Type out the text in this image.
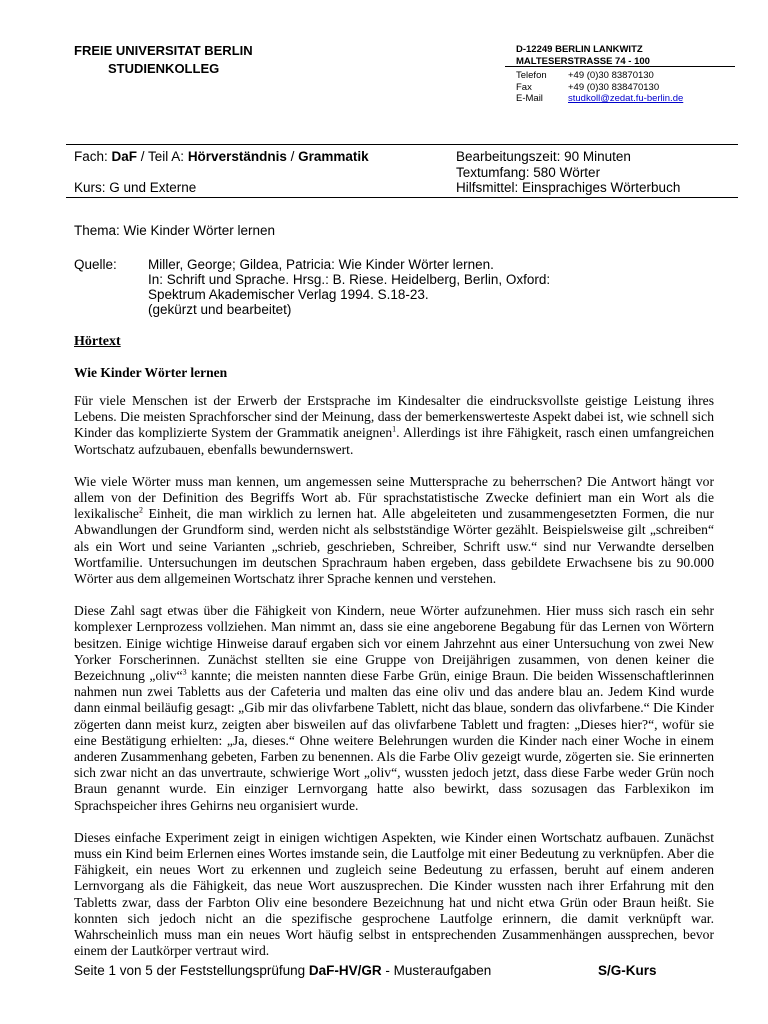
FREIE UNIVERSITAT BERLIN
STUDIENKOLLEG
D-12249 BERLIN LANKWITZ
MALTESERSTRASSE 74 - 100
Telefon	+49 (0)30 83870130
Fax	+49 (0)30 838470130
E-Mail	studkoll@zedat.fu-berlin.de
Fach: DaF / Teil A: Hörverständnis / Grammatik
Kurs: G und Externe
Bearbeitungszeit: 90 Minuten
Textumfang: 580 Wörter
Hilfsmittel: Einsprachiges Wörterbuch
Thema: Wie Kinder Wörter lernen
Quelle: Miller, George; Gildea, Patricia: Wie Kinder Wörter lernen.
In: Schrift und Sprache. Hrsg.: B. Riese. Heidelberg, Berlin, Oxford:
Spektrum Akademischer Verlag 1994. S.18-23.
(gekürzt und bearbeitet)
Hörtext
Wie Kinder Wörter lernen

Für viele Menschen ist der Erwerb der Erstsprache im Kindesalter die eindrucksvollste geistige Leistung ihres Lebens. Die meisten Sprachforscher sind der Meinung, dass der bemerkenswerteste Aspekt dabei ist, wie schnell sich Kinder das komplizierte System der Grammatik aneignen$^1$. Allerdings ist ihre Fähigkeit, rasch einen umfangreichen Wortschatz aufzubauen, ebenfalls bewundernswert.

Wie viele Wörter muss man kennen, um angemessen seine Muttersprache zu beherrschen? Die Antwort hängt vor allem von der Definition des Begriffs Wort ab. Für sprachstatistische Zwecke definiert man ein Wort als die lexikalische$^2$ Einheit, die man wirklich zu lernen hat. Alle abgeleiteten und zusammengesetzten Formen, die nur Abwandlungen der Grundform sind, werden nicht als selbstständige Wörter gezählt. Beispielsweise gilt „schreiben“ als ein Wort und seine Varianten „schrieb, geschrieben, Schreiber, Schrift usw.“ sind nur Verwandte derselben Wortfamilie. Untersuchungen im deutschen Sprachraum haben ergeben, dass gebildete Erwachsene bis zu 90.000 Wörter aus dem allgemeinen Wortschatz ihrer Sprache kennen und verstehen.

Diese Zahl sagt etwas über die Fähigkeit von Kindern, neue Wörter aufzunehmen. Hier muss sich rasch ein sehr komplexer Lernprozess vollziehen. Man nimmt an, dass sie eine angeborene Begabung für das Lernen von Wörtern besitzen. Einige wichtige Hinweise darauf ergaben sich vor einem Jahrzehnt aus einer Untersuchung von zwei New Yorker Forscherinnen. Zunächst stellten sie eine Gruppe von Dreijährigen zusammen, von denen keiner die Bezeichnung „oliv“$^3$ kannte; die meisten nannten diese Farbe Grün, einige Braun. Die beiden Wissenschaftlerinnen nahmen nun zwei Tabletts aus der Cafeteria und malten das eine oliv und das andere blau an. Jedem Kind wurde dann einmal beiläufig gesagt: „Gib mir das olivfarbene Tablett, nicht das blaue, sondern das olivfarbene.“ Die Kinder zögerten dann meist kurz, zeigten aber bisweilen auf das olivfarbene Tablett und fragten: „Dieses hier?“, wofür sie eine Bestätigung erhielten: „Ja, dieses.“ Ohne weitere Belehrungen wurden die Kinder nach einer Woche in einem anderen Zusammenhang gebeten, Farben zu benennen. Als die Farbe Oliv gezeigt wurde, zögerten sie. Sie erinnerten sich zwar nicht an das unvertraute, schwierige Wort „oliv“, wussten jedoch jetzt, dass diese Farbe weder Grün noch Braun genannt wurde. Ein einziger Lernvorgang hatte also bewirkt, dass sozusagen das Farblexikon im Sprachspeicher ihres Gehirns neu organisiert wurde.

Dieses einfache Experiment zeigt in einigen wichtigen Aspekten, wie Kinder einen Wortschatz aufbauen. Zunächst muss ein Kind beim Erlernen eines Wortes imstande sein, die Lautfolge mit einer Bedeutung zu verknüpfen. Aber die Fähigkeit, ein neues Wort zu erkennen und zugleich seine Bedeutung zu erfassen, beruht auf einem anderen Lernvorgang als die Fähigkeit, das neue Wort auszusprechen. Die Kinder wussten nach ihrer Erfahrung mit den Tabletts zwar, dass der Farbton Oliv eine besondere Bezeichnung hat und nicht etwa Grün oder Braun heißt. Sie konnten sich jedoch nicht an die spezifische gesprochene Lautfolge erinnern, die damit verknüpft war. Wahrscheinlich muss man ein neues Wort häufig selbst in entsprechenden Zusammenhängen aussprechen, bevor einem der Lautkörper vertraut wird.

Seite 1 von 5 der Feststellungsprüfung DaF-HV/GR - Musteraufgaben	S/G-Kurs
